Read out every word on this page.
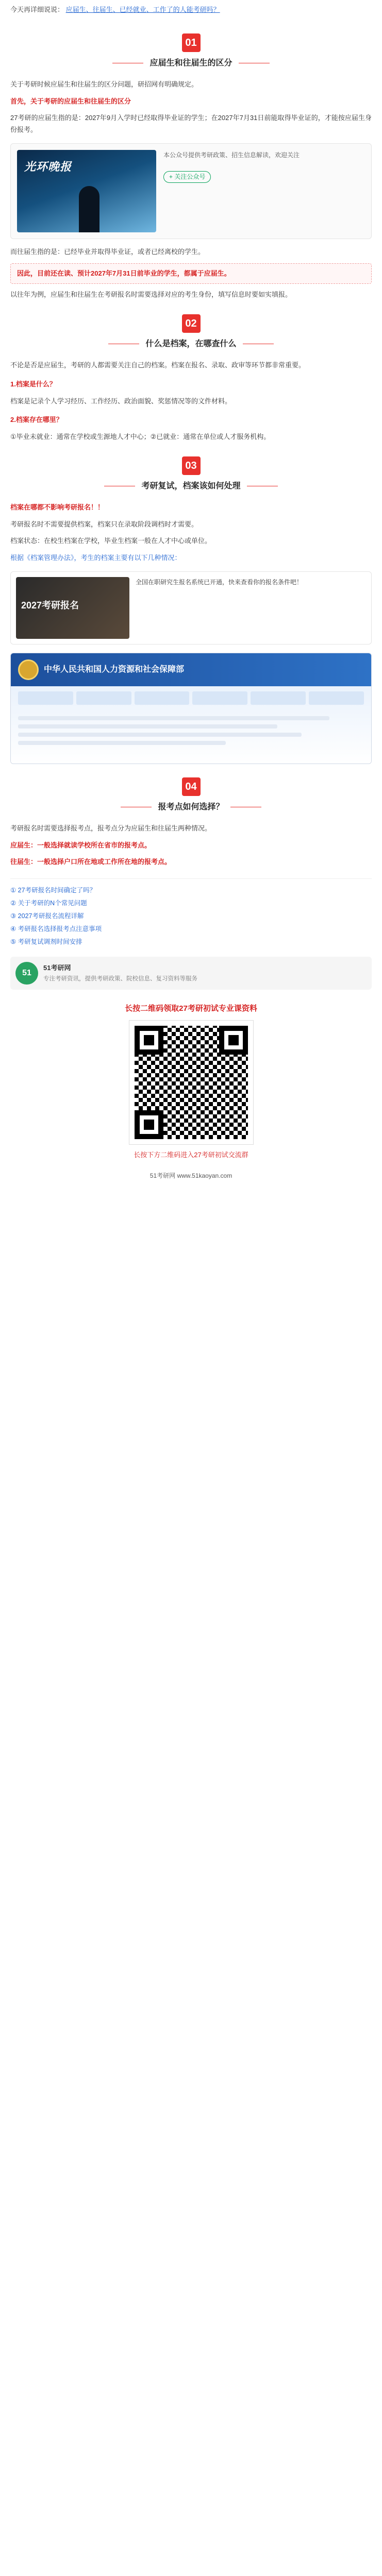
今天再详细说说： 应届生、往届生、已经就业、工作了的人能考研吗？
01
应届生和往届生的区分

关于考研时候应届生和往届生的区分问题，研招网有明确规定。

首先，关于考研的应届生和往届生的区分

27考研的应届生指的是：2027年9月入学时已经取得毕业证的学生；在2027年7月31日前能取得毕业证的，才能按应届生身份报考。

光环晚报
本公众号提供考研政策、招生信息解读，欢迎关注
+ 关注公众号

而往届生指的是：已经毕业并取得毕业证，或者已经离校的学生。

因此，目前还在读、预计2027年7月31日前毕业的学生，都属于应届生。

以往年为例，应届生和往届生在考研报名时需要选择对应的考生身份，填写信息时要如实填报。

02
什么是档案，在哪查什么

不论是否是应届生，考研的人都需要关注自己的档案。档案在报名、录取、政审等环节都非常重要。

1.档案是什么？

档案是记录个人学习经历、工作经历、政治面貌、奖惩情况等的文件材料。

2.档案存在哪里？

①毕业未就业：通常在学校或生源地人才中心；②已就业：通常在单位或人才服务机构。

03
考研复试，档案该如何处理

档案在哪都不影响考研报名！！

考研报名时不需要提供档案，档案只在录取阶段调档时才需要。

档案状态：在校生档案在学校，毕业生档案一般在人才中心或单位。

根据《档案管理办法》，考生的档案主要有以下几种情况：

2027考研报名
全国在职研究生报名系统已开通，快来查看你的报名条件吧！
中华人民共和国人力资源和社会保障部
04
报考点如何选择？

考研报名时需要选择报考点，报考点分为应届生和往届生两种情况。

应届生：一般选择就读学校所在省市的报考点。

往届生：一般选择户口所在地或工作所在地的报考点。

① 27考研报名时间确定了吗？
② 关于考研的N个常见问题
③ 2027考研报名流程详解
④ 考研报名选择报考点注意事项
⑤ 考研复试调剂时间安排
51
51考研网
专注考研资讯，提供考研政策、院校信息、复习资料等服务
长按二维码领取27考研初试专业课资料
长按下方二维码进入27考研初试交流群
51考研网 www.51kaoyan.com
